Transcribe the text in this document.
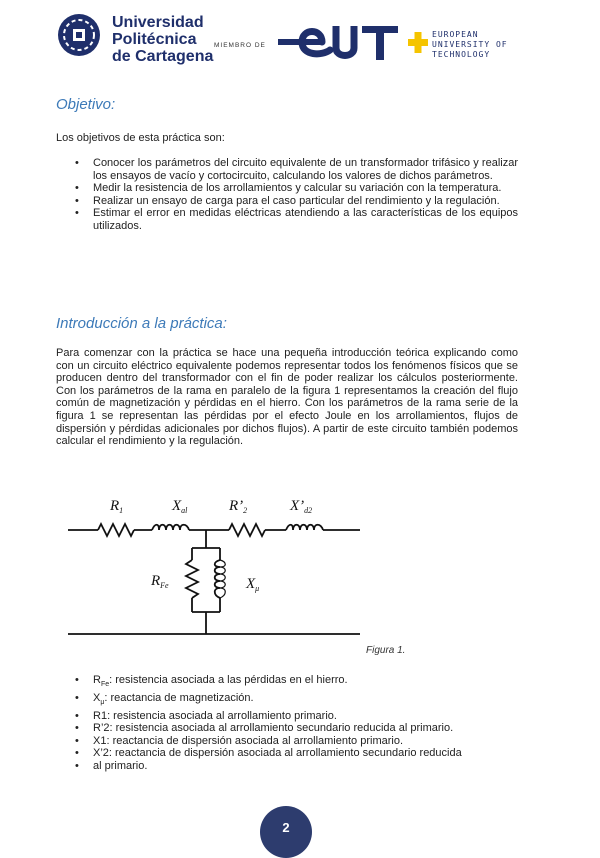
Universidad
Politécnica
de Cartagena
MIEMBRO DE
EUROPEAN
UNIVERSITY OF
TECHNOLOGY
Objetivo:

Los objetivos de esta práctica son:

• Conocer los parámetros del circuito equivalente de un transformador trifásico y realizar los ensayos de vacío y cortocircuito, calculando los valores de dichos parámetros.
• Medir la resistencia de los arrollamientos y calcular su variación con la temperatura.
• Realizar un ensayo de carga para el caso particular del rendimiento y la regulación.
• Estimar el error en medidas eléctricas atendiendo a las características de los equipos utilizados.
Introducción a la práctica:

Para comenzar con la práctica se hace una pequeña introducción teórica explicando como con un circuito eléctrico equivalente podemos representar todos los fenómenos físicos que se producen dentro del transformador con el fin de poder realizar los cálculos posteriormente. Con los parámetros de la rama en paralelo de la figura 1 representamos la creación del flujo común de magnetización y pérdidas en el hierro. Con los parámetros de la rama serie de la figura 1 se representan las pérdidas por el efecto Joule en los arrollamientos, flujos de dispersión y pérdidas adicionales por dichos flujos). A partir de este circuito también podemos calcular el rendimiento y la regulación.

$R_1$	$X_{al}$	$R’_2$	$X’_{d2}$
$R_{Fe}$	$X_\mu$
Figura 1.
• $R_{Fe}$: resistencia asociada a las pérdidas en el hierro.
• $X_\mu$: reactancia de magnetización.
• R1: resistencia asociada al arrollamiento primario.
• R’2: resistencia asociada al arrollamiento secundario reducida al primario.
• X1: reactancia de dispersión asociada al arrollamiento primario.
• X’2: reactancia de dispersión asociada al arrollamiento secundario reducida
• al primario.
2
